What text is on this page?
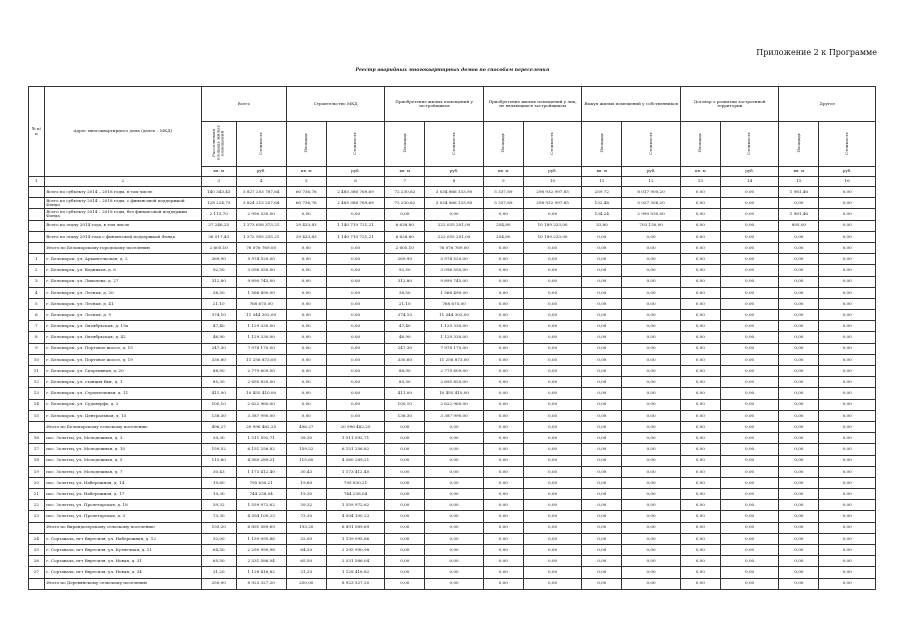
Приложение 2 к Программе
Реестр аварийных многоквартирных домов по способам переселения
№ п/п	Адрес многоквартирного дома (далее – МКД)	Всего		Строительство МКД		Приобретение жилых помещений у застройщиков		Приобретение жилых помещений у лиц, не являющихся застройщиком		Выкуп жилых помещений у собственников		Договор о развитии застроенной территории		Другое	
		Расселяемая площадь жилых помещений	Стоимость	Площадь	Стоимость	Площадь	Стоимость	Площадь	Стоимость	Площадь	Стоимость	Площадь	Стоимость	Площадь	Стоимость
		кв. м	руб.	кв. м	руб.	кв. м	руб.	кв. м	руб.	кв. м	руб.	кв. м	руб.	кв. м	руб.
1	2	3	4	5	6	7	8	9	10	11	12	13	14	15	16
	Всего по субъекту 2014 – 2018 годы, в том числе	140 343,45	5 827 203 787,64	60 736,76	2 485 386 769,69	72 230,62	3 034 866 133,90	5 337,89	298 932 997,85	259,72	8 017 900,20	0,00	0,00	1 981,46	0,00
	Всего по субъекту 2014 – 2018 годы, с финансовой поддержкой Фонда	128 224,75	5 824 213 257,64	60 736,76	2 485 386 769,69	72 230,62	3 034 866 133,90	5 337,89	298 932 997,85	132,48	5 027 356,20	0,00	0,00	0,00	0,00
	Всего по субъекту 2014 – 2018 годы, без финансовой поддержки Фонда	2 115,70	2 990 530,00	0,00	0,00	0,00	0,00	0,00	0,00	134,24	2 990 530,00	0,00	0,00	1 981,46	0,00
	Всего по этапу 2014 года, в том числе	37 246,25	1 373 658 373,21	29 433,83	1 140 710 721,21	6 638,80	222 035 201,00	254,80	10 189 233,00	33,80	703 130,00	0,00	0,00	895,00	0,00
	Всего по этапу 2014 года с финансовой поддержкой Фонда	36 517,43	1 372 955 255,21	29 433,83	1 140 710 721,21	6 628,80	222 055 201,00	254,80	10 189 233,00	0,00	0,00	0,00	0,00	0,00	0,00
	Итого по Беломорскому городскому поселению	2 605,10	76 076 769,00	0,00	0,00	2 605,10	76 076 769,00	0,00	0,00	0,00	0,00	0,00	0,00	0,00	0,00
1	г. Беломорск, ул. Архангельская, д. 2	269,90	5 974 520,00	0,00	0,00	269,90	5 974 520,00	0,00	0,00	0,00	0,00	0,00	0,00	0,00	0,00
2	г. Беломорск, ул. Водников, д. 6	92,50	3 096 550,00	0,00	0,00	92,50	3 096 550,00	0,00	0,00	0,00	0,00	0,00	0,00	0,00	0,00
3	г. Беломорск, ул. Лихачева, д. 27	312,80	9 890 745,00	0,00	0,00	312,80	9 890 745,00	0,00	0,00	0,00	0,00	0,00	0,00	0,00	0,00
4	г. Беломорск, ул. Лесная, д. 20	38,50	1 566 490,00	0,00	0,00	38,50	1 566 490,00	0,00	0,00	0,00	0,00	0,00	0,00	0,00	0,00
5	г. Беломорск, ул. Лесная, д. 41	21,10	768 675,00	0,00	0,00	21,10	768 675,00	0,00	0,00	0,00	0,00	0,00	0,00	0,00	0,00
6	г. Беломорск, ул. Лесная, д. 9	374,10	11 344 302,00	0,00	0,00	374,10	11 344 302,00	0,00	0,00	0,00	0,00	0,00	0,00	0,00	0,00
7	г. Беломорск, ул. Октябрьская, д. 19а	47,40	1 129 330,00	0,00	0,00	47,40	1 129 330,00	0,00	0,00	0,00	0,00	0,00	0,00	0,00	0,00
8	г. Беломорск, ул. Октябрьская, д. 42	46,90	1 129 330,00	0,00	0,00	46,90	1 129 330,00	0,00	0,00	0,00	0,00	0,00	0,00	0,00	0,00
9	г. Беломорск, ул. Портовое шоссе, д. 15	247,30	7 978 170,00	0,00	0,00	247,30	7 978 170,00	0,00	0,00	0,00	0,00	0,00	0,00	0,00	0,00
10	г. Беломорск, ул. Портовое шоссе, д. 19	330,60	11 256 873,00	0,00	0,00	330,60	11 256 873,00	0,00	0,00	0,00	0,00	0,00	0,00	0,00	0,00
11	г. Беломорск, ул. Спортивная, д. 20	88,90	2 779 609,00	0,00	0,00	88,90	2 779 609,00	0,00	0,00	0,00	0,00	0,00	0,00	0,00	0,00
12	г. Беломорск, ул. станция Выг, д. 1	85,30	2 695 820,00	0,00	0,00	85,30	2 695 820,00	0,00	0,00	0,00	0,00	0,00	0,00	0,00	0,00
13	г. Беломорск, ул. Строительная, д. 11	411,00	10 455 410,00	0,00	0,00	411,00	10 455 410,00	0,00	0,00	0,00	0,00	0,00	0,00	0,00	0,00
14	г. Беломорск, ул. Судоверфь, д. 2	100,10	2 622 960,00	0,00	0,00	100,10	2 622 960,00	0,00	0,00	0,00	0,00	0,00	0,00	0,00	0,00
15	г. Беломорск, ул. Центральная, д. 15	138,30	3 387 990,00	0,00	0,00	138,30	3 387 990,00	0,00	0,00	0,00	0,00	0,00	0,00	0,00	0,00
	Итого по Беломорскому сельскому поселению	496,27	20 996 482,25	496,27	20 996 482,25	0,00	0,00	0,00	0,00	0,00	0,00	0,00	0,00	0,00	0,00
16	пос. Золотец, ул. Молодежная, д. 3	39,30	1 511 592,71	39,30	1 511 592,71	0,00	0,00	0,00	0,00	0,00	0,00	0,00	0,00	0,00	0,00
17	пос. Золотец, ул. Молодежная, д. 10	159,52	6 151 256,82	159,52	6 151 256,82	0,00	0,00	0,00	0,00	0,00	0,00	0,00	0,00	0,00	0,00
18	пос. Золотец, ул. Молодежная, д. 5	115,60	4 560 289,21	115,60	4 560 289,21	0,00	0,00	0,00	0,00	0,00	0,00	0,00	0,00	0,00	0,00
19	пос. Золотец, ул. Молодежная, д. 7	30,43	1 173 412,40	30,43	1 173 412,40	0,00	0,00	0,00	0,00	0,00	0,00	0,00	0,00	0,00	0,00
20	пос. Золотец, ул. Набережная, д. 14	19,60	795 630,21	19,60	795 630,21	0,00	0,00	0,00	0,00	0,00	0,00	0,00	0,00	0,00	0,00
21	пос. Золотец, ул. Набережная, д. 17	19,30	744 238,04	19,30	744 238,04	0,00	0,00	0,00	0,00	0,00	0,00	0,00	0,00	0,00	0,00
22	пос. Золотец, ул. Пролетарская, д. 18	39,32	1 559 972,62	39,32	1 559 972,62	0,00	0,00	0,00	0,00	0,00	0,00	0,00	0,00	0,00	0,00
23	пос. Золотец, ул. Пролетарская, д. 3	73,30	4 504 100,23	73,30	4 504 100,23	0,00	0,00	0,00	0,00	0,00	0,00	0,00	0,00	0,00	0,00
	Итого по Вирандозерскому сельскому поселению	193,20	6 891 089,69	193,20	6 891 089,69	0,00	0,00	0,00	0,00	0,00	0,00	0,00	0,00	0,00	0,00
24	г. Сортавала, пгт Вяртсиля, ул. Набережная, д. 12	32,00	1 139 095,86	32,00	1 139 095,86	0,00	0,00	0,00	0,00	0,00	0,00	0,00	0,00	0,00	0,00
25	г. Сортавала, пгт Вяртсиля, ул. Кузнечная, д. 11	64,50	2 295 990,98	64,50	2 295 990,98	0,00	0,00	0,00	0,00	0,00	0,00	0,00	0,00	0,00	0,00
26	г. Сортавала, пгт Вяртсиля, ул. Новая, д. 31	65,50	2 331 586,04	65,50	2 331 586,04	0,00	0,00	0,00	0,00	0,00	0,00	0,00	0,00	0,00	0,00
27	г. Сортавала, пгт Вяртсиля, ул. Новая, д. 34	31,20	1 128 416,82	31,20	1 128 416,82	0,00	0,00	0,00	0,00	0,00	0,00	0,00	0,00	0,00	0,00
	Итого по Деревянскому сельскому поселению	250,00	8 923 327,20	250,00	8 923 327,20	0,00	0,00	0,00	0,00	0,00	0,00	0,00	0,00	0,00	0,00
